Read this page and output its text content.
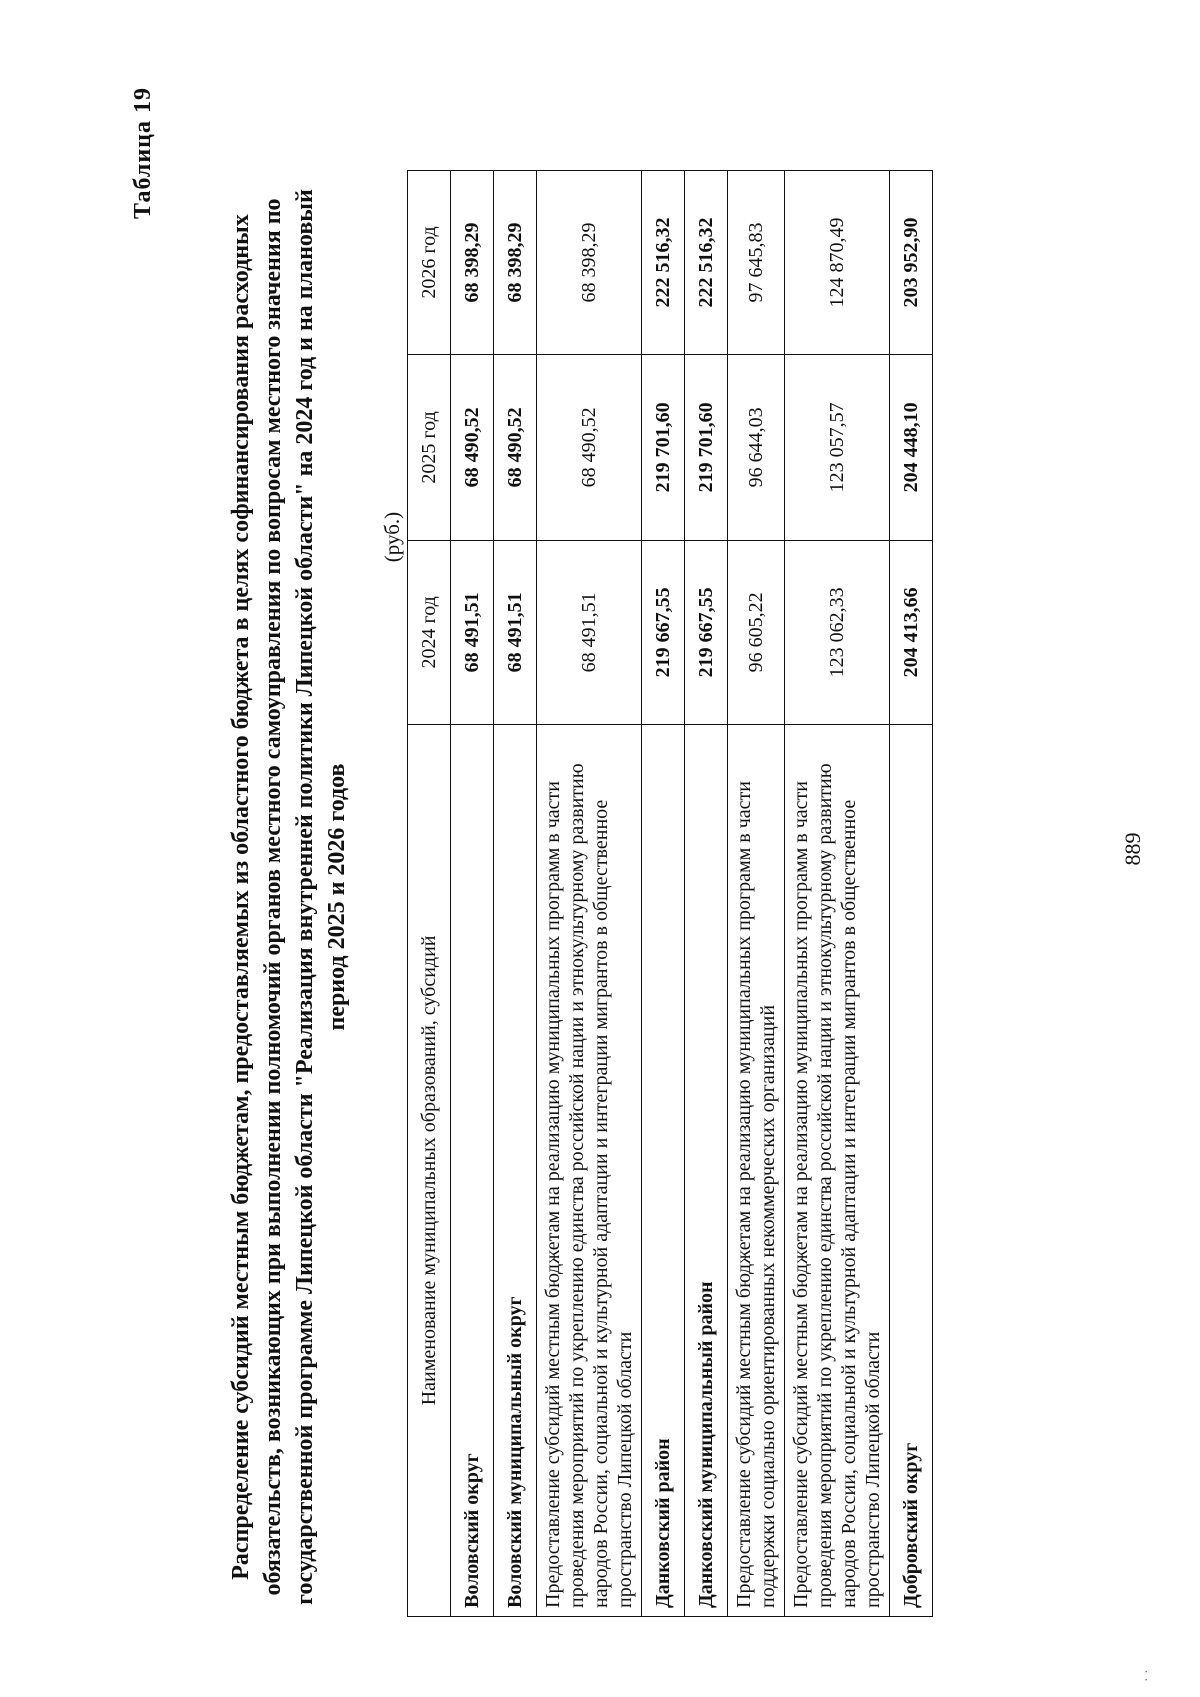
889
Таблица 19
Распределение субсидий местным бюджетам, предоставляемых из областного бюджета в целях софинансирования расходных обязательств, возникающих при выполнении полномочий органов местного самоуправления по вопросам местного значения по государственной программе Липецкой области "Реализация внутренней политики Липецкой области" на 2024 год и на плановый период 2025 и 2026 годов
(руб.)
Наименование муниципальных образований, субсидий	2024 год	2025 год	2026 год
Воловский округ	68 491,51	68 490,52	68 398,29
Воловский муниципальный округ	68 491,51	68 490,52	68 398,29
Предоставление субсидий местным бюджетам на реализацию муниципальных программ в части проведения мероприятий по укреплению единства российской нации и этнокультурному развитию народов России, социальной и культурной адаптации и интеграции мигрантов в общественное пространство Липецкой области	68 491,51	68 490,52	68 398,29
Данковский район	219 667,55	219 701,60	222 516,32
Данковский муниципальный район	219 667,55	219 701,60	222 516,32
Предоставление субсидий местным бюджетам на реализацию муниципальных программ в части поддержки социально ориентированных некоммерческих организаций	96 605,22	96 644,03	97 645,83
Предоставление субсидий местным бюджетам на реализацию муниципальных программ в части проведения мероприятий по укреплению единства российской нации и этнокультурному развитию народов России, социальной и культурной адаптации и интеграции мигрантов в общественное пространство Липецкой области	123 062,33	123 057,57	124 870,49
Добровский округ	204 413,66	204 448,10	203 952,90
· ·
